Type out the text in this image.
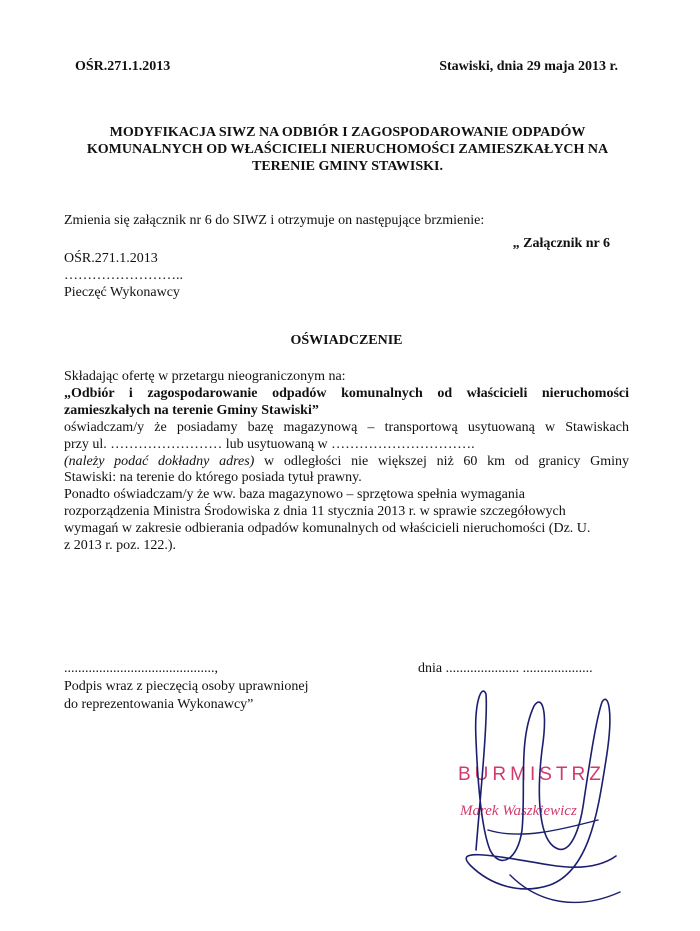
OŚR.271.1.2013	Stawiski, dnia 29 maja 2013 r.
MODYFIKACJA SIWZ NA ODBIÓR I ZAGOSPODAROWANIE ODPADÓW
KOMUNALNYCH OD WŁAŚCICIELI NIERUCHOMOŚCI ZAMIESZKAŁYCH NA
TERENIE GMINY STAWISKI.
Zmienia się załącznik nr 6 do SIWZ i otrzymuje on następujące brzmienie:
„ Załącznik nr 6
OŚR.271.1.2013
……………………..
Pieczęć Wykonawcy
OŚWIADCZENIE
Składając ofertę w przetargu nieograniczonym na:
„Odbiór i zagospodarowanie odpadów komunalnych od właścicieli nieruchomości
zamieszkałych na terenie Gminy Stawiski”
oświadczam/y że posiadamy bazę magazynową – transportową usytuowaną w Stawiskach
przy ul. …………………… lub usytuowaną w ………………………….
(należy podać dokładny adres) w odległości nie większej niż 60 km od granicy Gminy
Stawiski: na terenie do którego posiada tytuł prawny.
Ponadto oświadczam/y że ww. baza magazynowo – sprzętowa spełnia wymagania
rozporządzenia Ministra Środowiska z dnia 11 stycznia 2013 r. w sprawie szczegółowych
wymagań w zakresie odbierania odpadów komunalnych od właścicieli nieruchomości (Dz. U.
z 2013 r. poz. 122.).
...........................................,
Podpis wraz z pieczęcią osoby uprawnionej
do reprezentowania Wykonawcy”
dnia ..................... ....................
BURMISTRZ
Marek Waszkiewicz
